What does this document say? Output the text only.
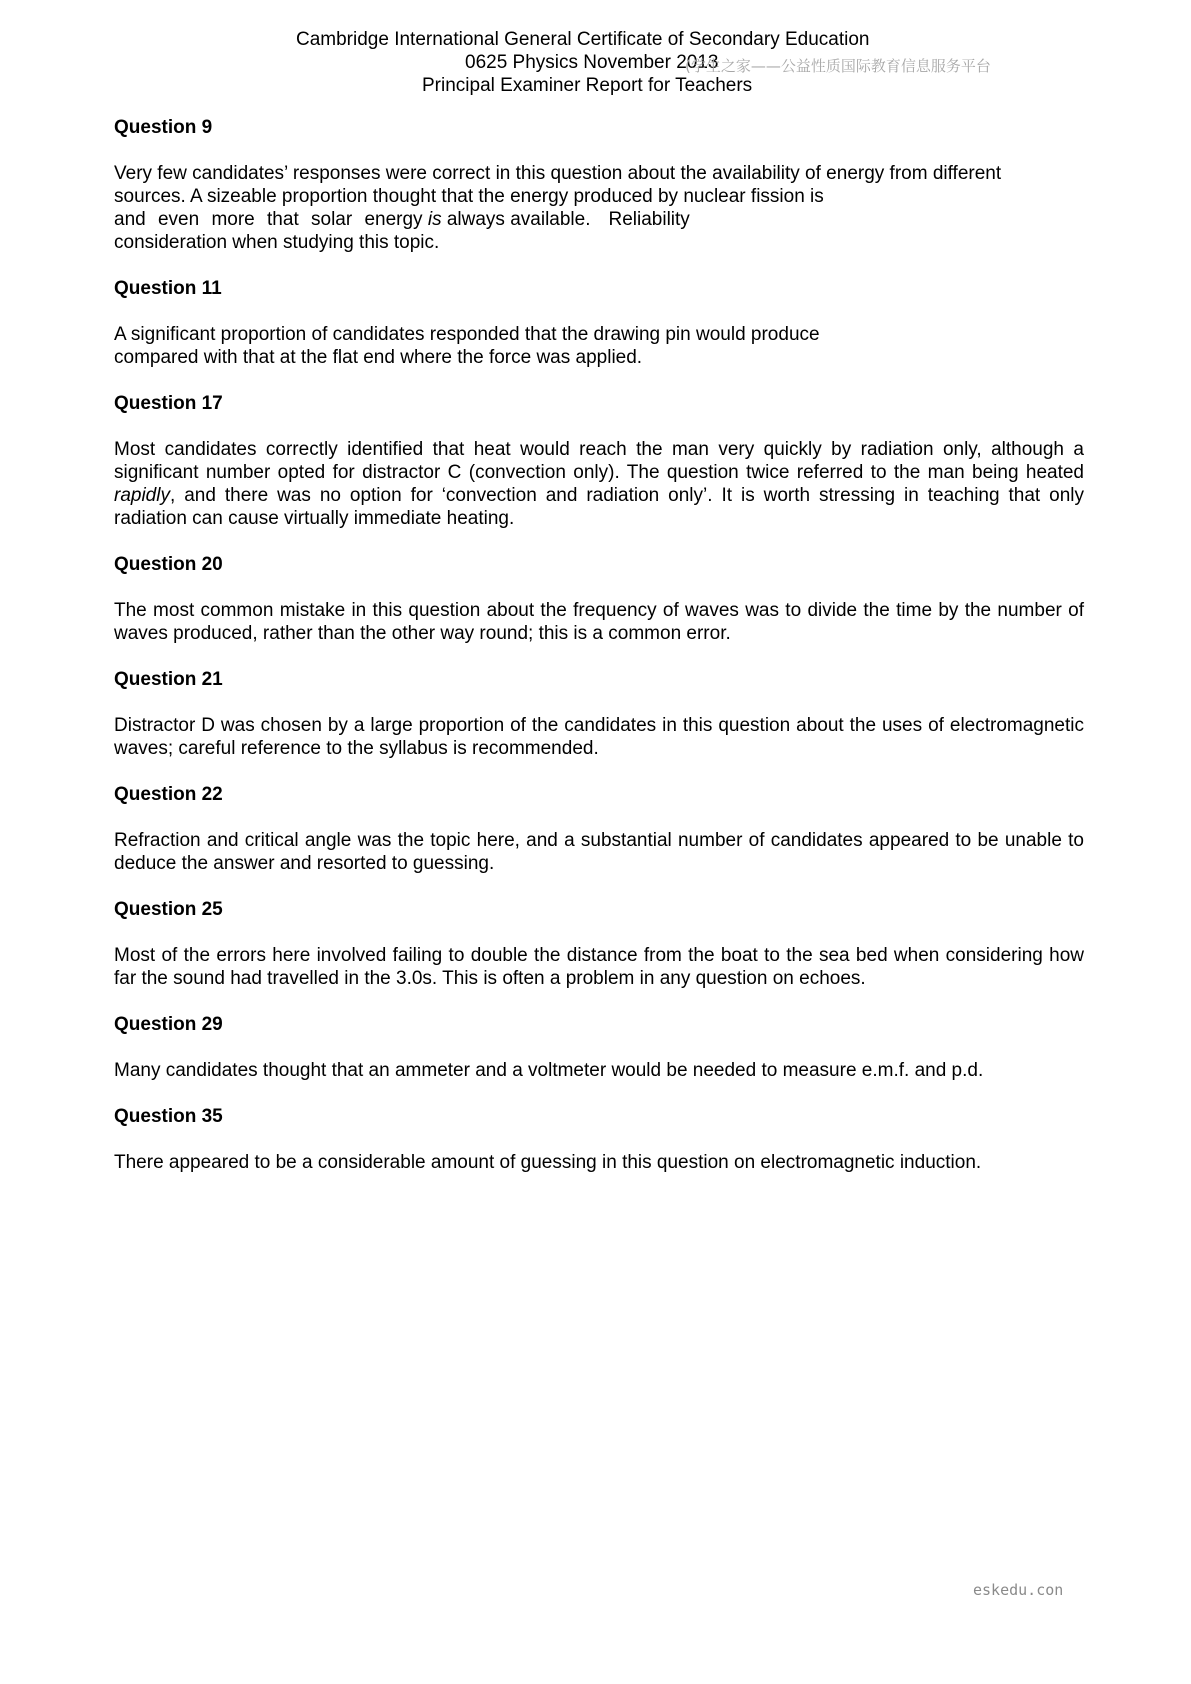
Cambridge International General Certificate of Secondary Education
0625 Physics November 2013
Principal Examiner Report for Teachers
(学生之家——公益性质国际教育信息服务平台

Question 9

Very few candidates’ responses were correct in this question about the availability of energy from different

sources. A sizeable proportion thought that the energy produced by nuclear fission is

and even more that solar energy is always available. Reliability

consideration when studying this topic.

Question 11

A significant proportion of candidates responded that the drawing pin would produce

compared with that at the flat end where the force was applied.

Question 17

Most candidates correctly identified that heat would reach the man very quickly by radiation only, although a significant number opted for distractor C (convection only). The question twice referred to the man being heated rapidly, and there was no option for ‘convection and radiation only’. It is worth stressing in teaching that only radiation can cause virtually immediate heating.

Question 20

The most common mistake in this question about the frequency of waves was to divide the time by the number of waves produced, rather than the other way round; this is a common error.

Question 21

Distractor D was chosen by a large proportion of the candidates in this question about the uses of electromagnetic waves; careful reference to the syllabus is recommended.

Question 22

Refraction and critical angle was the topic here, and a substantial number of candidates appeared to be unable to deduce the answer and resorted to guessing.

Question 25

Most of the errors here involved failing to double the distance from the boat to the sea bed when considering how far the sound had travelled in the 3.0s. This is often a problem in any question on echoes.

Question 29

Many candidates thought that an ammeter and a voltmeter would be needed to measure e.m.f. and p.d.

Question 35

There appeared to be a considerable amount of guessing in this question on electromagnetic induction.

eskedu.con
